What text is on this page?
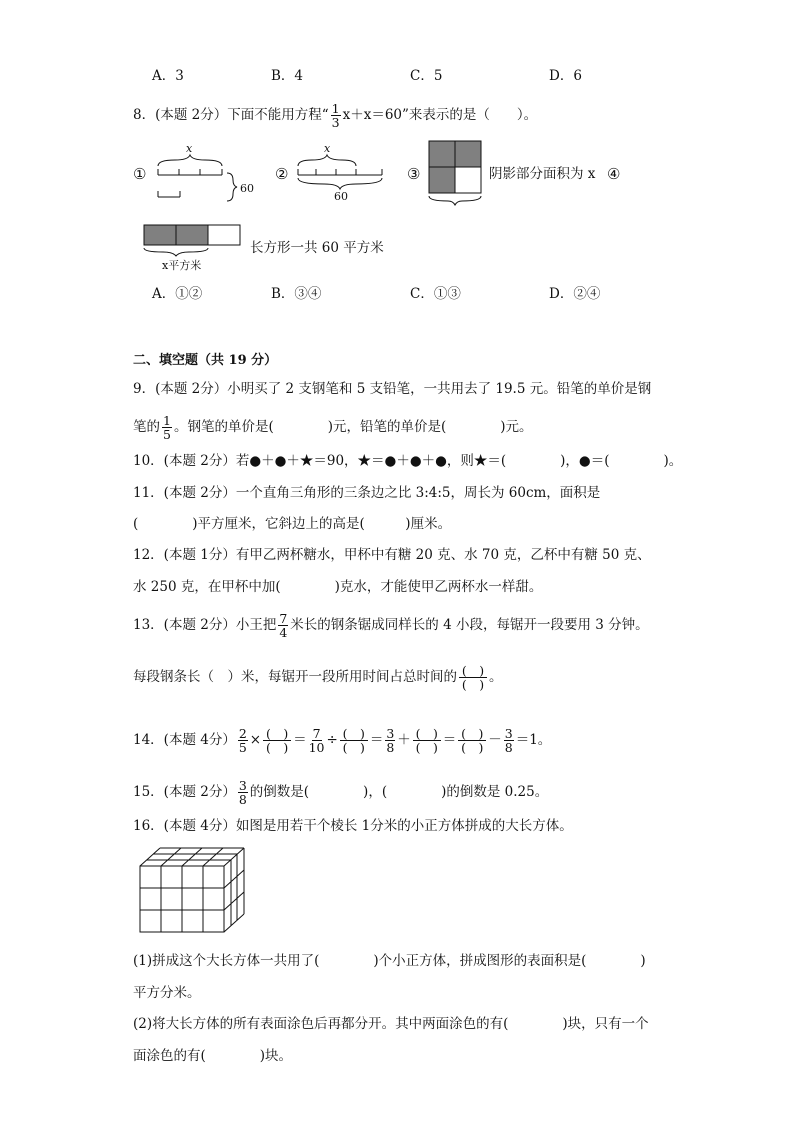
A．3	B．4	C．5	D．6
8．(本题 2分）下面不能用方程“ $\frac{1}{3} x+x=60$”来表示的是（　　）。
①
x
60
②
x
60
③	阴影部分面积为 x ④
x平方米
长方形一共 60 平方米
A．①②	B．③④	C．①③	D．②④
二、填空题（共 19 分）
9．(本题 2分）小明买了 2 支钢笔和 5 支铅笔，一共用去了 19.5 元。铅笔的单价是钢
笔的 $\frac{1}{5}$ 。钢笔的单价是(　　　　)元，铅笔的单价是(　　　　)元。
10．(本题 2分）若●＋●＋★＝90，★＝●＋●＋●，则★＝(　　　　)，●＝(　　　　)。
11．(本题 2分）一个直角三角形的三条边之比 3:4:5，周长为 60cm，面积是
(　　　　)平方厘米，它斜边上的高是(　　　)厘米。
12．(本题 1分）有甲乙两杯糖水，甲杯中有糖 20 克、水 70 克，乙杯中有糖 50 克、
水 250 克，在甲杯中加(　　　　)克水，才能使甲乙两杯水一样甜。
13．(本题 2分）小王把 $\frac{7}{4}$ 米长的钢条锯成同样长的 4 小段，每锯开一段要用 3 分钟。
每段钢条长（　）米，每锯开一段所用时间占总时间的 $\frac{( )}{( )}$ 。
14．(本题 4分） $\frac{2}{5} \times \frac{( )}{( )} = \frac{7}{10} \div \frac{( )}{( )} = \frac{3}{8} + \frac{( )}{( )} = \frac{( )}{( )} - \frac{3}{8} =1$。
15．(本题 2分） $\frac{3}{8}$ 的倒数是(　　　　)，(　　　　)的倒数是 0.25。
16．(本题 4分）如图是用若干个棱长 1分米的小正方体拼成的大长方体。
(1)拼成这个大长方体一共用了(　　　　)个小正方体，拼成图形的表面积是(　　　　)
平方分米。
(2)将大长方体的所有表面涂色后再都分开。其中两面涂色的有(　　　　)块，只有一个
面涂色的有(　　　　)块。
